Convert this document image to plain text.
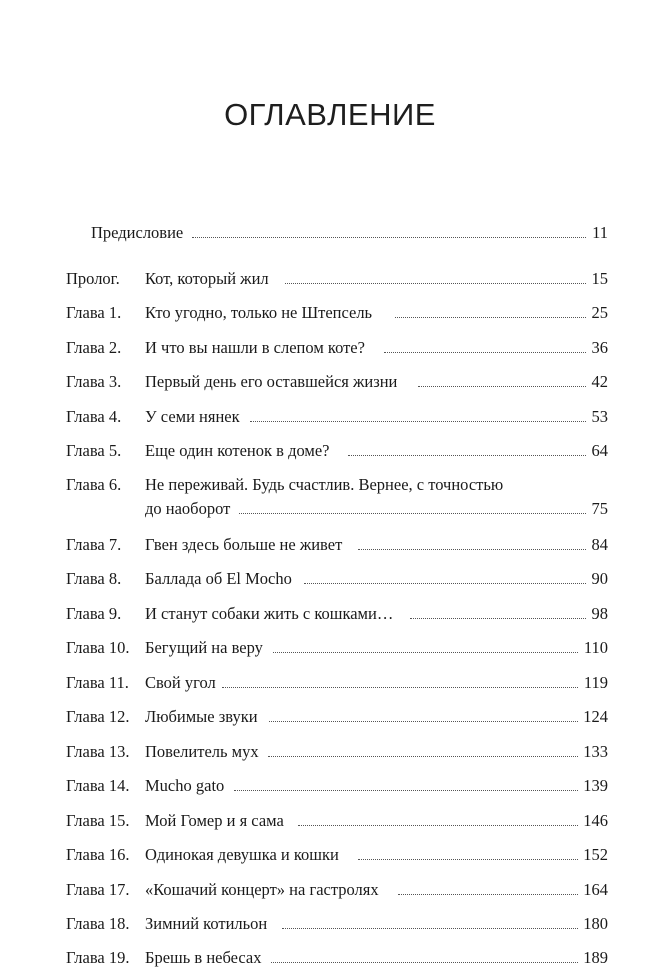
ОГЛАВЛЕНИЕ
Предисловие	11
Пролог. Кот, который жил	15
Глава 1. Кто угодно, только не Штепсель	25
Глава 2. И что вы нашли в слепом коте?	36
Глава 3. Первый день его оставшейся жизни	42
Глава 4. У семи нянек	53
Глава 5. Еще один котенок в доме?	64
Глава 6. Не переживай. Будь счастлив. Вернее, с точностью
до наоборот	75
Глава 7. Гвен здесь больше не живет	84
Глава 8. Баллада об El Mocho	90
Глава 9. И станут собаки жить с кошками…	98
Глава 10. Бегущий на веру	110
Глава 11. Свой угол	119
Глава 12. Любимые звуки	124
Глава 13. Повелитель мух	133
Глава 14. Mucho gato	139
Глава 15. Мой Гомер и я сама	146
Глава 16. Одинокая девушка и кошки	152
Глава 17. «Кошачий концерт» на гастролях	164
Глава 18. Зимний котильон	180
Глава 19. Брешь в небесах	189
